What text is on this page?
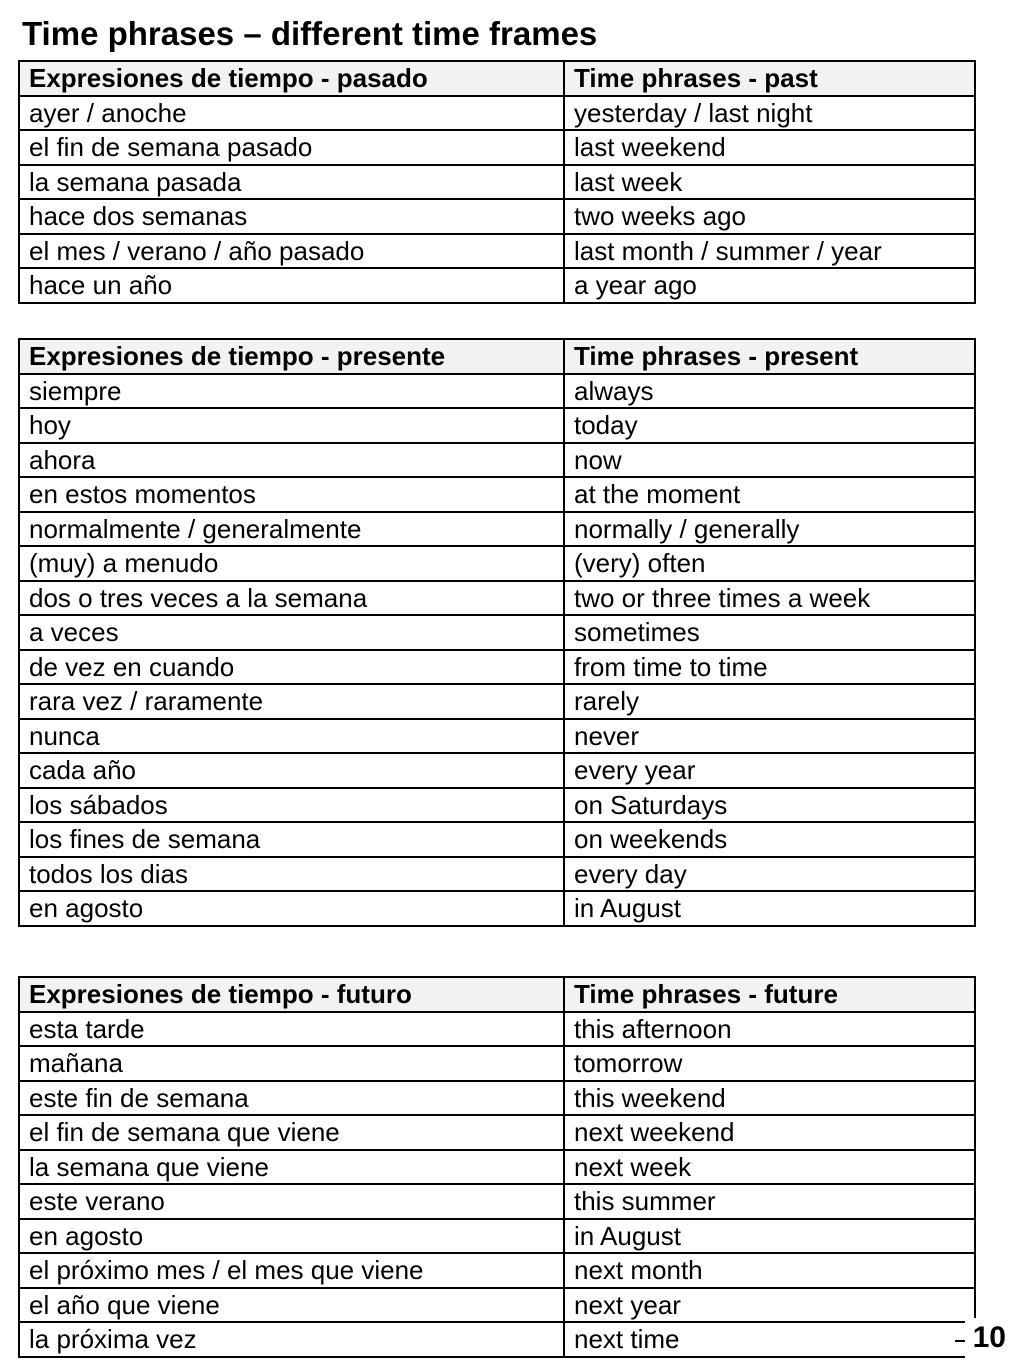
Time phrases – different time frames
Expresiones de tiempo - pasado	Time phrases - past
ayer / anoche	yesterday / last night
el fin de semana pasado	last weekend
la semana pasada	last week
hace dos semanas	two weeks ago
el mes / verano / año pasado	last month / summer / year
hace un año	a year ago
Expresiones de tiempo - presente	Time phrases - present
siempre	always
hoy	today
ahora	now
en estos momentos	at the moment
normalmente / generalmente	normally / generally
(muy) a menudo	(very) often
dos o tres veces a la semana	two or three times a week
a veces	sometimes
de vez en cuando	from time to time
rara vez / raramente	rarely
nunca	never
cada año	every year
los sábados	on Saturdays
los fines de semana	on weekends
todos los dias	every day
en agosto	in August
Expresiones de tiempo - futuro	Time phrases - future
esta tarde	this afternoon
mañana	tomorrow
este fin de semana	this weekend
el fin de semana que viene	next weekend
la semana que viene	next week
este verano	this summer
en agosto	in August
el próximo mes / el mes que viene	next month
el año que viene	next year
la próxima vez	next time	10
